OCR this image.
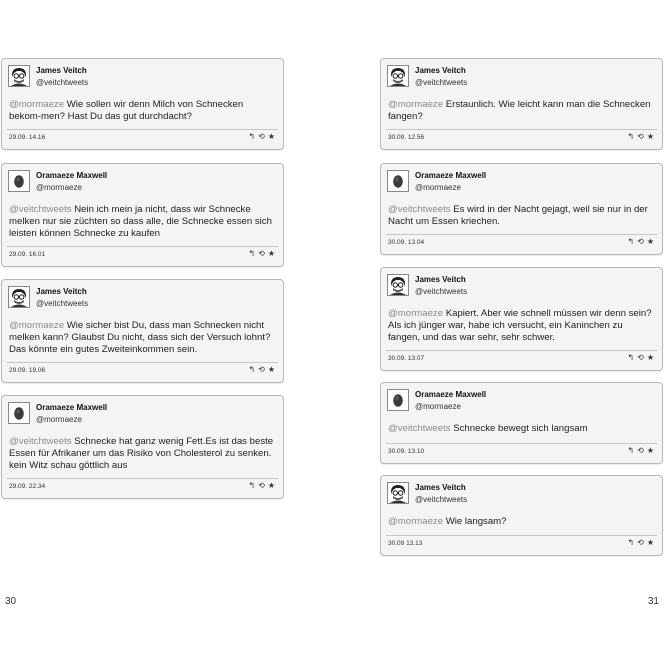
James Veitch
@veitchtweets
@mormaeze Wie sollen wir denn Milch von Schnecken bekom-men? Hast Du das gut durchdacht?
29.09. 14.16	↰ ⟲ ★
Oramaeze Maxwell
@mormaeze
@veitchtweets Nein ich mein ja nicht, dass wir Schnecke melken nur sie züchten so dass alle, die Schnecke essen sich leisten können Schnecke zu kaufen
29.09. 16.01	↰ ⟲ ★
James Veitch
@veitchtweets
@mormaeze Wie sicher bist Du, dass man Schnecken nicht melken kann? Glaubst Du nicht, dass sich der Versuch lohnt? Das könnte ein gutes Zweiteinkommen sein.
29.09. 19.06	↰ ⟲ ★
Oramaeze Maxwell
@mormaeze
@veitchtweets Schnecke hat ganz wenig Fett.Es ist das beste Essen für Afrikaner um das Risiko von Cholesterol zu senken. kein Witz schau göttlich aus
29.09. 22.34	↰ ⟲ ★
30
James Veitch
@veitchtweets
@mormaeze Erstaunlich. Wie leicht kann man die Schnecken fangen?
30.09. 12.56	↰ ⟲ ★
Oramaeze Maxwell
@mormaeze
@veitchtweets Es wird in der Nacht gejagt, weil sie nur in der Nacht um Essen kriechen.
30.09. 13.04	↰ ⟲ ★
James Veitch
@veitchtweets
@mormaeze Kapiert. Aber wie schnell müssen wir denn sein? Als ich jünger war, habe ich versucht, ein Kaninchen zu fangen, und das war sehr, sehr schwer.
30.09. 13.07	↰ ⟲ ★
Oramaeze Maxwell
@mormaeze
@veitchtweets Schnecke bewegt sich langsam
30.09. 13.10	↰ ⟲ ★
James Veitch
@veitchtweets
@mormaeze Wie langsam?
30.09 13.13	↰ ⟲ ★
31
